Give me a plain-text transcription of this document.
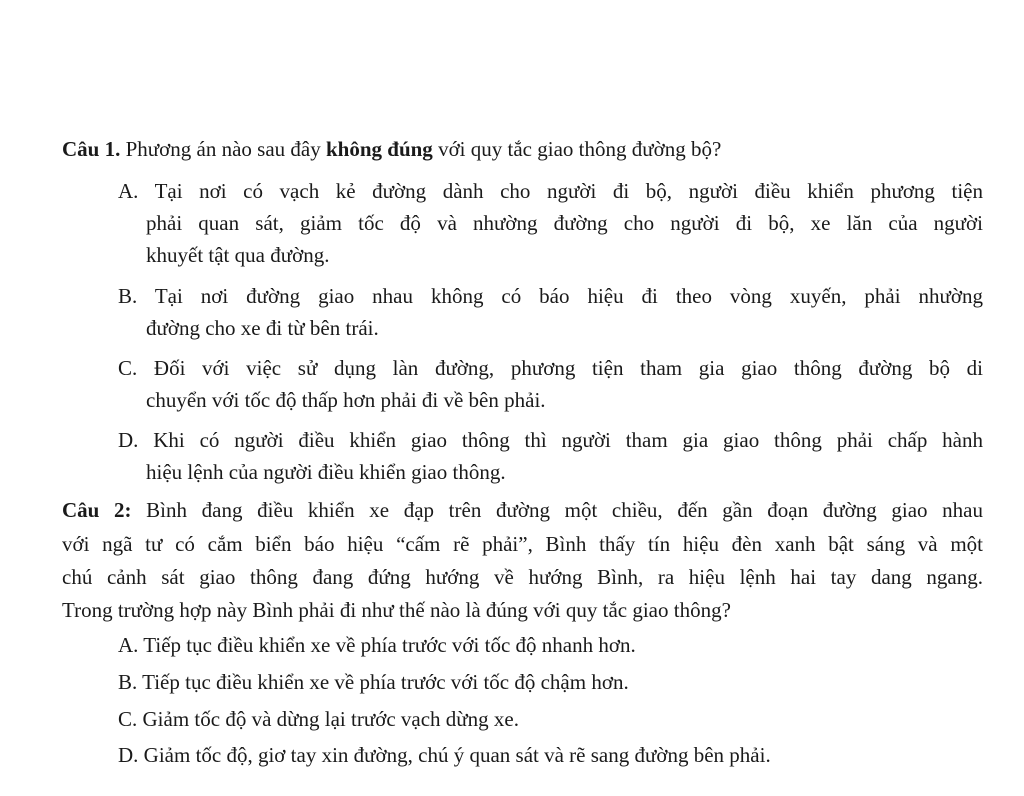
Câu 1. Phương án nào sau đây không đúng với quy tắc giao thông đường bộ?
A. Tại nơi có vạch kẻ đường dành cho người đi bộ, người điều khiển phương tiện
phải quan sát, giảm tốc độ và nhường đường cho người đi bộ, xe lăn của người
khuyết tật qua đường.
B. Tại nơi đường giao nhau không có báo hiệu đi theo vòng xuyến, phải nhường
đường cho xe đi từ bên trái.
C. Đối với việc sử dụng làn đường, phương tiện tham gia giao thông đường bộ di
chuyển với tốc độ thấp hơn phải đi về bên phải.
D. Khi có người điều khiển giao thông thì người tham gia giao thông phải chấp hành
hiệu lệnh của người điều khiển giao thông.
Câu 2: Bình đang điều khiển xe đạp trên đường một chiều, đến gần đoạn đường giao nhau
với ngã tư có cắm biển báo hiệu “cấm rẽ phải”, Bình thấy tín hiệu đèn xanh bật sáng và một
chú cảnh sát giao thông đang đứng hướng về hướng Bình, ra hiệu lệnh hai tay dang ngang.
Trong trường hợp này Bình phải đi như thế nào là đúng với quy tắc giao thông?
A. Tiếp tục điều khiển xe về phía trước với tốc độ nhanh hơn.
B. Tiếp tục điều khiển xe về phía trước với tốc độ chậm hơn.
C. Giảm tốc độ và dừng lại trước vạch dừng xe.
D. Giảm tốc độ, giơ tay xin đường, chú ý quan sát và rẽ sang đường bên phải.
